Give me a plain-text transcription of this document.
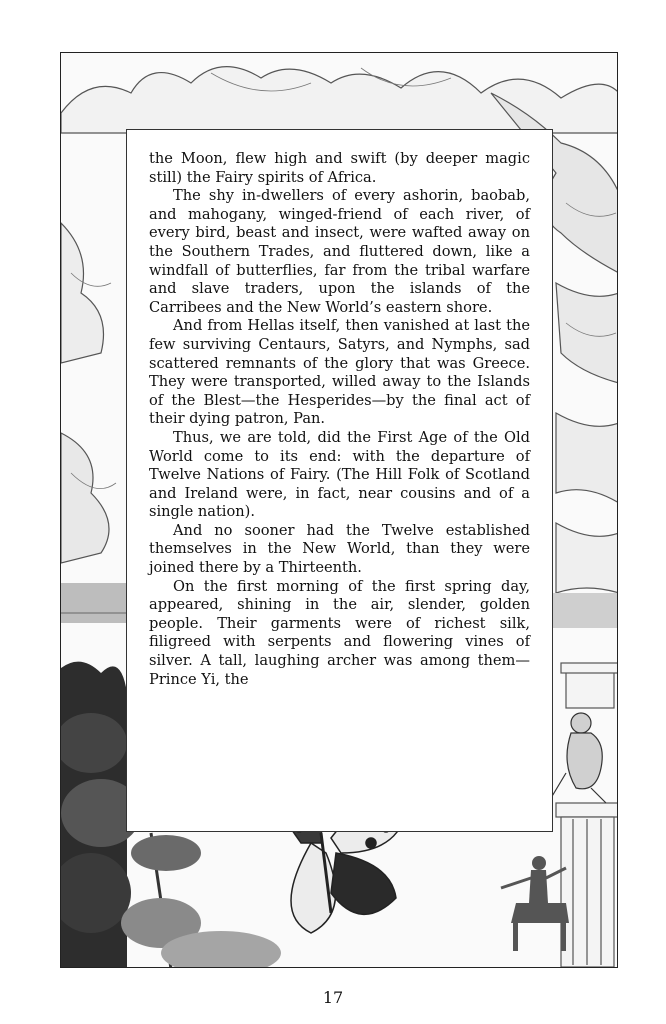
the Moon, flew high and swift (by deeper magic still) the Fairy spirits of Africa.

The shy in-dwellers of every ashorin, baobab, and mahogany, winged-friend of each river, of every bird, beast and insect, were wafted away on the Southern Trades, and fluttered down, like a windfall of butterflies, far from the tribal warfare and slave traders, upon the islands of the Carribees and the New World’s eastern shore.

And from Hellas itself, then vanished at last the few surviving Centaurs, Satyrs, and Nymphs, sad scattered remnants of the glory that was Greece. They were transported, willed away to the Islands of the Blest—the Hesperides—by the final act of their dying patron, Pan.

Thus, we are told, did the First Age of the Old World come to its end: with the departure of Twelve Nations of Fairy. (The Hill Folk of Scotland and Ireland were, in fact, near cousins and of a single nation).

And no sooner had the Twelve established themselves in the New World, than they were joined there by a Thirteenth.

On the first morning of the first spring day, appeared, shining in the air, slender, golden people. Their garments were of richest silk, filigreed with serpents and flowering vines of silver. A tall, laughing archer was among them—Prince Yi, the

17
